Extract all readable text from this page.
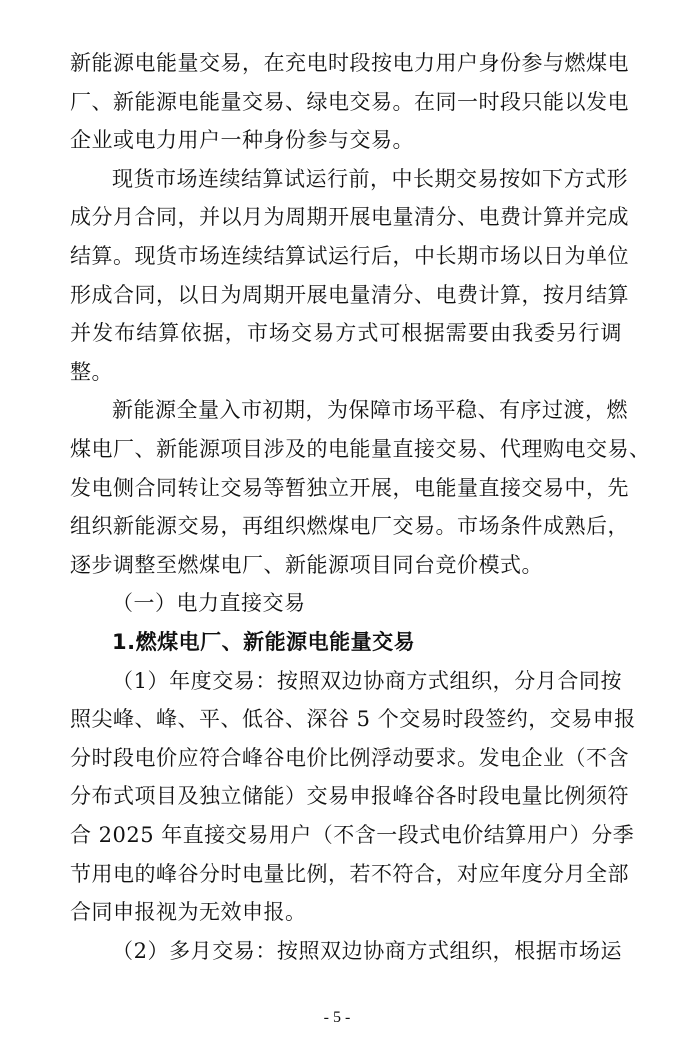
新能源电能量交易，在充电时段按电力用户身份参与燃煤电
厂、新能源电能量交易、绿电交易。在同一时段只能以发电
企业或电力用户一种身份参与交易。
现货市场连续结算试运行前，中长期交易按如下方式形
成分月合同，并以月为周期开展电量清分、电费计算并完成
结算。现货市场连续结算试运行后，中长期市场以日为单位
形成合同，以日为周期开展电量清分、电费计算，按月结算
并发布结算依据，市场交易方式可根据需要由我委另行调
整。
新能源全量入市初期，为保障市场平稳、有序过渡，燃
煤电厂、新能源项目涉及的电能量直接交易、代理购电交易、
发电侧合同转让交易等暂独立开展，电能量直接交易中，先
组织新能源交易，再组织燃煤电厂交易。市场条件成熟后，
逐步调整至燃煤电厂、新能源项目同台竞价模式。
（一）电力直接交易
1.燃煤电厂、新能源电能量交易
（1）年度交易：按照双边协商方式组织，分月合同按
照尖峰、峰、平、低谷、深谷 5 个交易时段签约，交易申报
分时段电价应符合峰谷电价比例浮动要求。发电企业（不含
分布式项目及独立储能）交易申报峰谷各时段电量比例须符
合 2025 年直接交易用户（不含一段式电价结算用户）分季
节用电的峰谷分时电量比例，若不符合，对应年度分月全部
合同申报视为无效申报。
（2）多月交易：按照双边协商方式组织，根据市场运
- 5 -
